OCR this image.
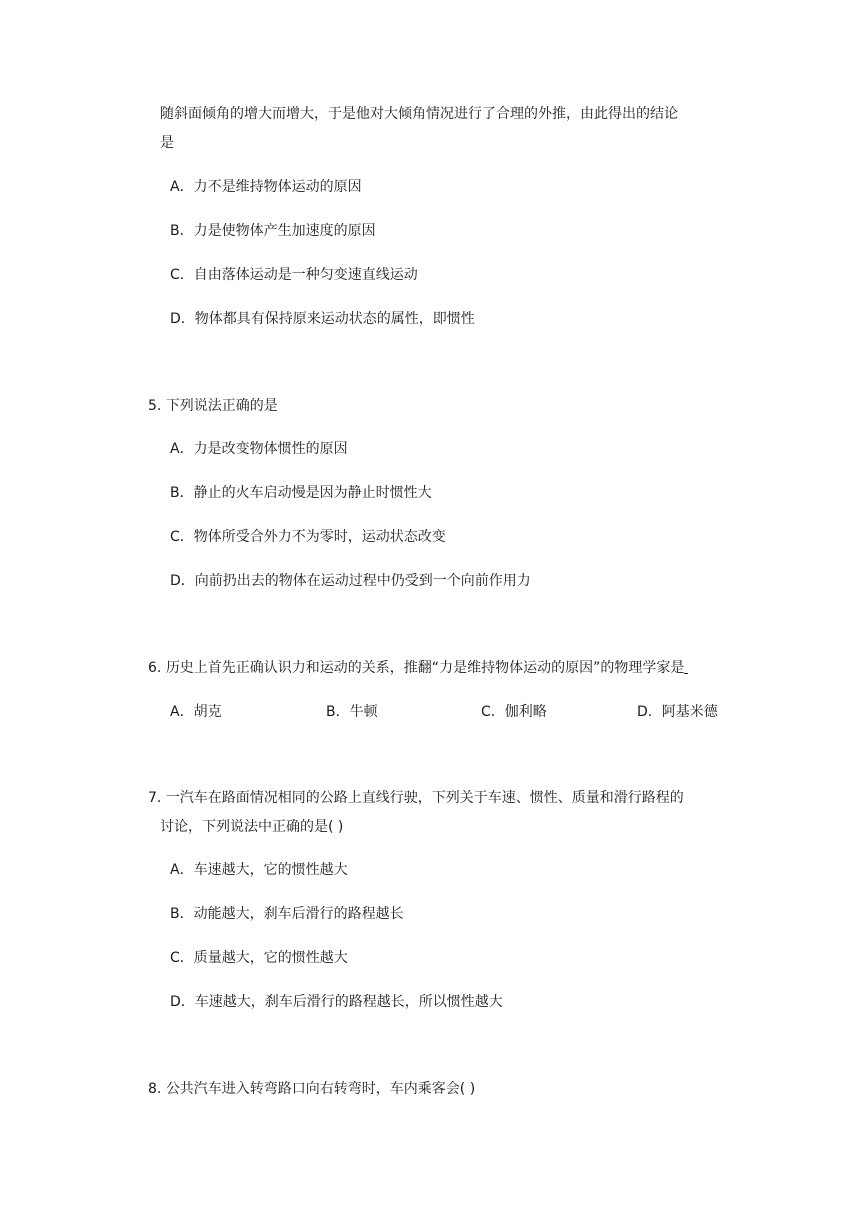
随斜面倾角的增大而增大，于是他对大倾角情况进行了合理的外推，由此得出的结论
是
A．力不是维持物体运动的原因
B．力是使物体产生加速度的原因
C．自由落体运动是一种匀变速直线运动
D．物体都具有保持原来运动状态的属性，即惯性
5. 下列说法正确的是
A．力是改变物体惯性的原因
B．静止的火车启动慢是因为静止时惯性大
C．物体所受合外力不为零时，运动状态改变
D．向前扔出去的物体在运动过程中仍受到一个向前作用力
6. 历史上首先正确认识力和运动的关系，推翻“力是维持物体运动的原因”的物理学家是
A．胡克	B．牛顿	C．伽利略	D．阿基米德
7. 一汽车在路面情况相同的公路上直线行驶，下列关于车速、惯性、质量和滑行路程的
讨论，下列说法中正确的是( )
A．车速越大，它的惯性越大
B．动能越大，刹车后滑行的路程越长
C．质量越大，它的惯性越大
D．车速越大，刹车后滑行的路程越长，所以惯性越大
8. 公共汽车进入转弯路口向右转弯时，车内乘客会( )
